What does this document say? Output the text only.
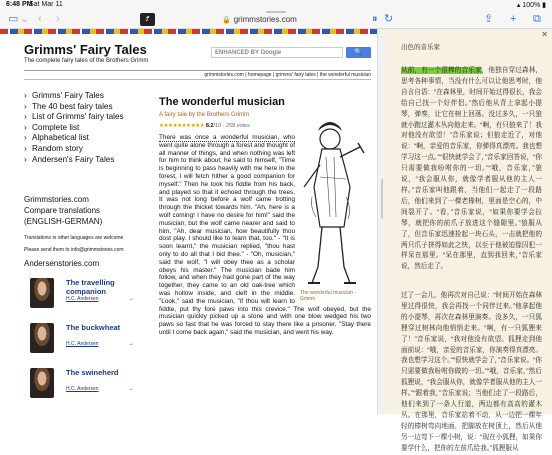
6:48 PM
Sat Mar 11	▴ 100% ▮
▭ ⌄ ‹ ›	Ꝭ	🔒 grimmstories.com	⏸ ↻	⇪ + ⧉
Grimms' Fairy Tales
The complete fairy tales of the Brothers Grimm
ENHANCED BY Google	🔍
grimmstories.com | homepage | grimms' fairy tales | the wonderful musician
› Grimms' Fairy Tales
› The 40 best fairy tales
› List of Grimms' fairy tales
› Complete list
› Alphabetical list
› Random story
› Andersen's Fairy Tales
Grimmstories.com
Compare translations
(ENGLISH-GERMAN)
Translations in other languages are welcome
Please send them to info@grimmstories.com
Andersenstories.com
The travelling companion
H.C. Andersen	→
The buckwheat
H.C. Andersen	→
The swineherd
H.C. Andersen	→
The wonderful musician
A fairy tale by the Brothers Grimm
★★★★★★★★★★ 8.2/10 - 258 votes
The wonderful musician - Grimm
There was once a wonderful musician, who went quite alone through a forest and thought of all manner of things, and when nothing was left for him to think about, he said to himself, "Time is beginning to pass heavily with me here in the forest, I will fetch hither a good companion for myself." Then he took his fiddle from his back, and played so that it echoed through the trees. It was not long before a wolf came trotting through the thicket towards him. "Ah, here is a wolf coming! I have no desire for him!" said the musician; but the wolf came nearer and said to him, "Ah, dear musician, how beautifully thou dost play. I should like to learn that, too." - "It is soon learnt," the musician replied, "thou hast only to do all that I bid thee." - "Oh, musician," said the wolf, "I will obey thee as a scholar obeys his master." The musician bade him follow, and when they had gone part of the way together, they came to an old oak-tree which was hollow inside, and cleft in the middle. "Look," said the musician, "if thou wilt learn to fiddle, put thy fore paws into this crevice." The wolf obeyed, but the musician quickly picked up a stone and with one blow wedged his two paws so fast that he was forced to stay there like a prisoner. "Stay there until I come back again," said the musician, and went his way.
✕
出色的音乐家
从前，有一个很棒的音乐家，他独自穿过森林，思考各种事情，当没有什么可以让他思考时，他自言自语：“在森林里，时间开始过得很长，我会给自己找一个好伴侣。”然后他从背上拿起小提琴，弹奏，让它在树上回荡。没过多久，一只狼就小跑过灌木丛向他走来。“啊，有只狼来了！我对他没有欲望！”音乐家说；但狼走近了，对他说：“啊，亲爱的音乐家，你弹得真漂亮。我也想学习这一点。”“很快就学会了，”音乐家回答说，“你只需要做我吩咐你的一切。”“哦，音乐家，”狼说，“我会服从你，就像学者服从他的主人一样。”音乐家叫他跟着，当他们一起走了一段路后，他们来到了一棵老橡树，里面是空心的，中间裂开了。“看，”音乐家说，“如果你要学会拉琴，就把你的前爪子放进这个缝隙里。”狼服从了，但音乐家迅速捡起一块石头，一击就把他的两只爪子挤得如此之快，以至于他被迫像囚犯一样呆在那里。“呆在那里，直到我回来，”音乐家说，然后走了。
过了一会儿，他再次对自己说：“时间开始在森林里过得很快，我会再找一个同伴过来。”他拿起他的小提琴，再次在森林里演奏。没多久，一只狐狸穿过树林向他悄悄走来。“啊，有一只狐狸来了！”音乐家说，“我对他没有欲望。狐狸走到他面前说：“哦，亲爱的音乐家，你演奏得真漂亮。我也想学习这个。”“很快就学会了，”音乐家说。“你只需要做我吩咐你做的一切。”“哦，音乐家，”然后狐狸说，“我会服从你，就像学者服从他的主人一样。”“跟着我，”音乐家说；当他们走了一段路后，他们来到了一条人行道，两边都有高高的灌木丛。在那里，音乐家站着不动，从一边把一棵年轻的榛树弯向地面，把脚放在树顶上，然后从他另一边弯下一棵小树，说：“现在小狐狸，如果你要学什么，把你的左前爪给我。”狐狸服从
